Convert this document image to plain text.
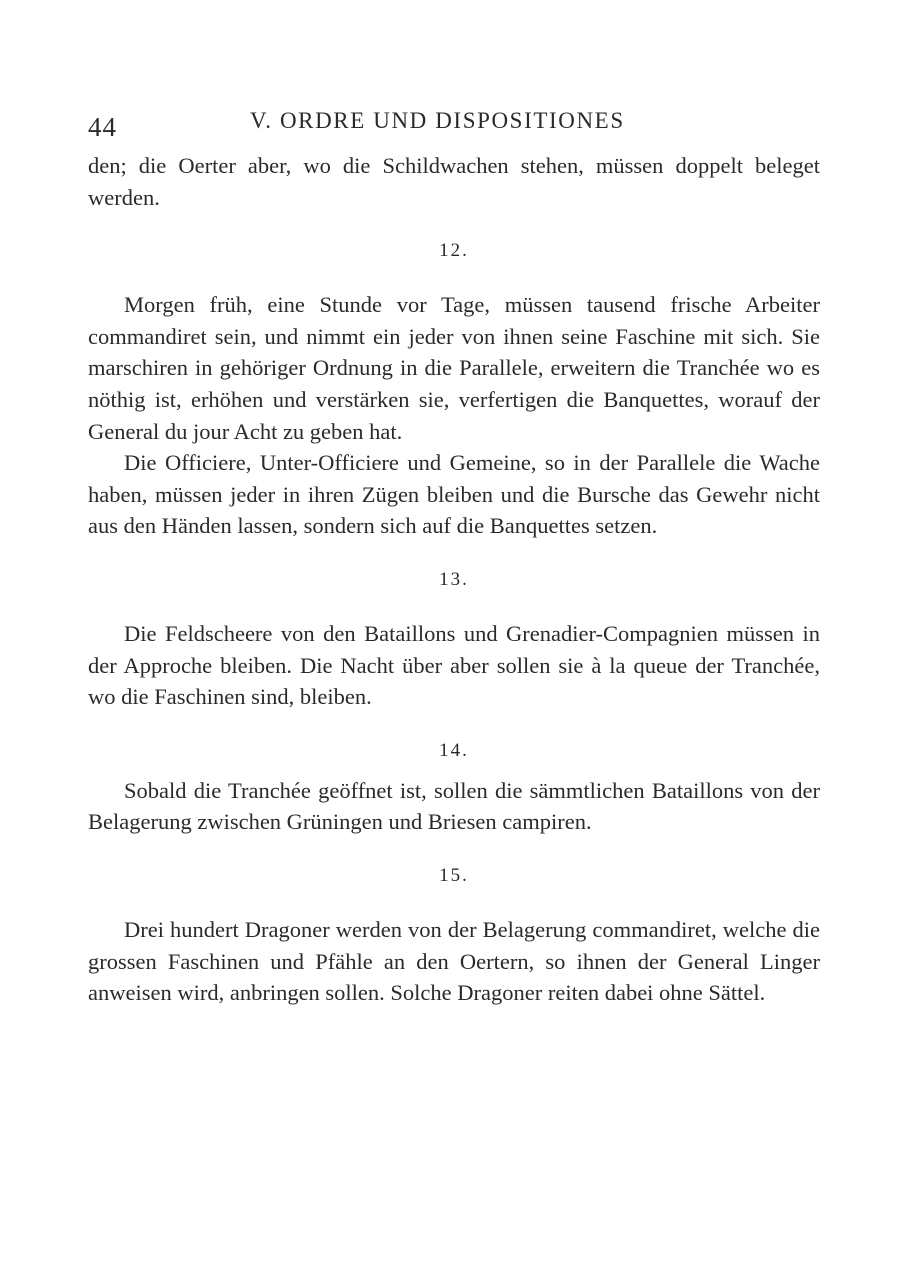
44	V. ORDRE UND DISPOSITIONES

den; die Oerter aber, wo die Schildwachen stehen, müssen doppelt beleget werden.

12.

Morgen früh, eine Stunde vor Tage, müssen tausend frische Arbeiter commandiret sein, und nimmt ein jeder von ihnen seine Faschine mit sich. Sie marschiren in gehöriger Ordnung in die Parallele, erweitern die Tranchée wo es nöthig ist, erhöhen und verstärken sie, verfertigen die Banquettes, worauf der General du jour Acht zu geben hat.

Die Officiere, Unter-Officiere und Gemeine, so in der Parallele die Wache haben, müssen jeder in ihren Zügen bleiben und die Bursche das Gewehr nicht aus den Händen lassen, sondern sich auf die Banquettes setzen.

13.

Die Feldscheere von den Bataillons und Grenadier-Compagnien müssen in der Approche bleiben. Die Nacht über aber sollen sie à la queue der Tranchée, wo die Faschinen sind, bleiben.

14.

Sobald die Tranchée geöffnet ist, sollen die sämmtlichen Bataillons von der Belagerung zwischen Grüningen und Briesen campiren.

15.

Drei hundert Dragoner werden von der Belagerung commandiret, welche die grossen Faschinen und Pfähle an den Oertern, so ihnen der General Linger anweisen wird, anbringen sollen. Solche Dragoner reiten dabei ohne Sättel.
